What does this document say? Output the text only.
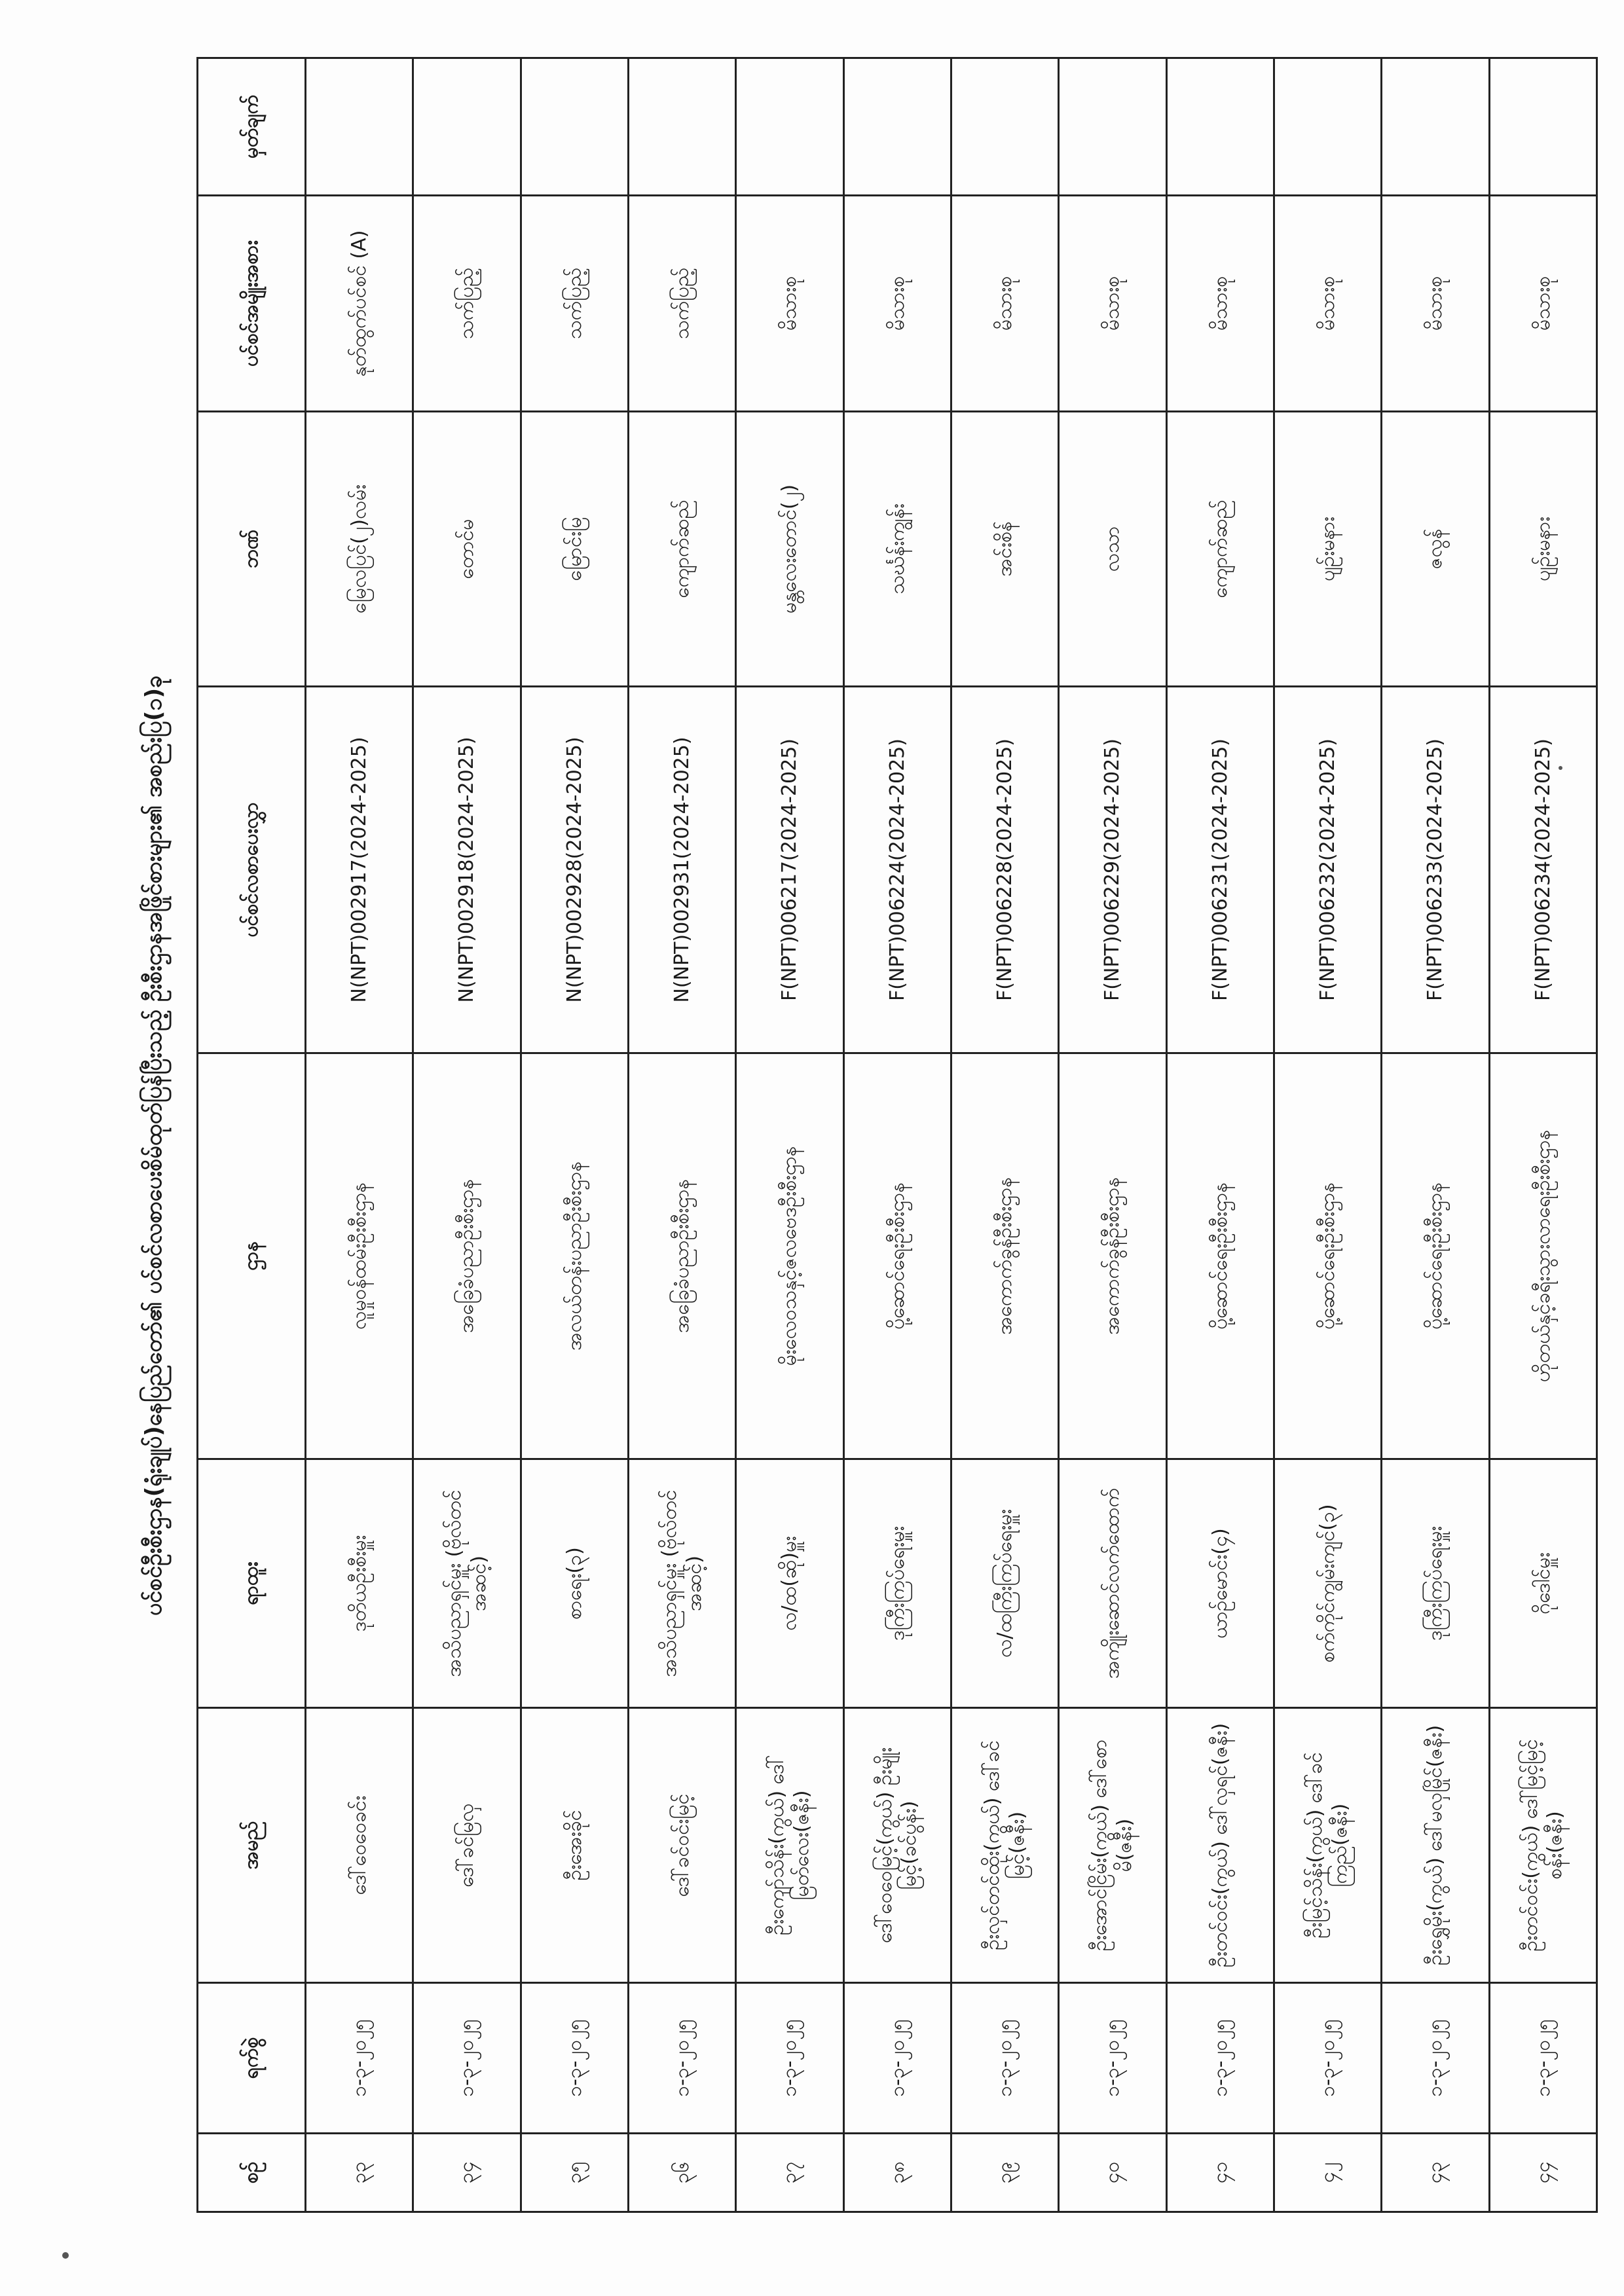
ပင်စင်ဦးစီးဌာန(ရုံးချုပ်)နေပြည်တော်၏ ပင်စင်လစာပေးစိမ်ထုတ်ပြန်ပြီးသည့် ဦးစီးဌာနအဖြိုင်စားများ၏ အစည်းပြ(၁)ခု
စဉ်	ရက်စွဲ	အမည်	ရာထူး	ဌာန	ပင်စင်လစာပေးလွှာ	ဘဏ်	ပင်စင်အမျိုးအစား	မှတ်ချက်
၃၃	၁-၃-၂၀၂၅	ဒေါ်ဝေဝေခင်း	ဒုတိယဦးစီးမှူး	လူမှုဝန်ထမ်းဦးစီးဌာန	N(NPT)002917(2024-2025)	မြေလပြင်(၂)လမ်း	နုတ်ထွက်ပင်စင် (A)	
၃၄	၁-၃-၂၀၂၅	ဒေါ်ခင်မြလှ	အသိပညာရှင်မှူး (ဗိုလ်တင်အဆင့်)	အခြေခံပညာဦးစီးဌာန	N(NPT)002918(2024-2025)	တောင်မ	သက်ပြည့်	
၃၅	၁-၃-၂၀၂၅	ဦးအေးခိုင်	စာရေး(၃)	အလယ်တန်းပညာဦးစီးဌာန	N(NPT)002928(2024-2025)	မြောင်းမြ	သက်ပြည့်	
၃၆	၁-၃-၂၀၂၅	ဒေါ်ခင်ဝင်းမြင့်	အသိပညာရှင်မှူး (ဗိုလ်တင်အဆင့်)	အခြေခံပညာဦးစီးဌာန	N(NPT)002931(2024-2025)	ကျောက်ဆည်	သက်ပြည့်	
၃၇	၁-၃-၂၀၂၅	ဦးကျော်သိန်း(ကွယ်) ဒေါ်မြတ်လေး(ဇနီး)	လ/ထ(ဆို)မှူး	မိုးလေဝသနှင့်ဇလဗေဒဦးစီးဌာန	F(NPT)006217(2024-2025)	မန္တလေးတောင်(၂)	မိသားစု	
၃၈	၁-၃-၂၀၂၅	ဒေါ်ဝေဝေမြင့်(ကွယ်) ဦးမျိုးမြင့်(ခင်ပွန်း)	ဒုကြီးကြပ်ရေးမှူး	ပို့ဆောင်ရေးဦးစီးဌာန	F(NPT)006224(2024-2025)	သင်္ဃန်းကျွန်း	မိသားစု	
၃၉	၁-၃-၂၀၂၅	ဦးလှင်တင်ထိုး(ကွယ်) ဒေါ်ခင်မြင့်(ဇနီး)	လ/ထကြီးကြပ်ရေးမှူး	အကောက်ခွန်ဦးစီးဌာန	F(NPT)006228(2024-2025)	အင်းစိန်	မိသားစု	
၄၀	၁-၃-၂၀၂၅	ဦးအောင်ငြိမ်း(ကွယ်) ဒေါ်စောမိ(ဇနီး)	အကျိုးဆောင်လက်ထောက်	အကောက်ခွန်ဦးစီးဌာန	F(NPT)006229(2024-2025)	လသာ	မိသားစု	
၄၁	၁-၃-၂၀၂၅	ဦးတင်ဝင်း(ကွယ်) ဒေါ်လှရင်(ဇနီး)	ယာဉ်မောင်း(၄)	ပို့ဆောင်ရေးဦးစီးဌာန	F(NPT)006231(2024-2025)	ကျောက်ဆည်	မိသားစု	
၄၂	၁-၃-၂၀၂၅	ဦးမြင့်သိန်း(ကွယ်) ဒေါ်ခင်ကြည်(ဇနီး)	စက်ကိုင်ကျွမ်းကျင်(၃)	ပို့ဆောင်ရေးဦးစီးဌာန	F(NPT)006232(2024-2025)	ပျဉ်းမနား	မိသားစု	
၄၃	၁-၃-၂၀၂၅	ဦးရွှေမိုး(ကွယ်) ဒေါ်မလှမြိုင်(ဇနီး)	ဒုကြီးကြပ်ရေးမှူး	ပို့ဆောင်ရေးဦးစီးဌာန	F(NPT)006233(2024-2025)	ဇလွန်	မိသားစု	
၄၄	၁-၃-၂၀၂၅	ဦးတင်ဝင်း(ကွယ်) ဒေါ်မြင့်မြင့်စန်း(ဇနီး)	ဂိုဒေါင်မှူး	ဟိုတယ်နှင့်ခရီးသွားလာရေးဦးစီးဌာန	F(NPT)006234(2024-2025)	ပျဉ်းမနား	မိသားစု	
